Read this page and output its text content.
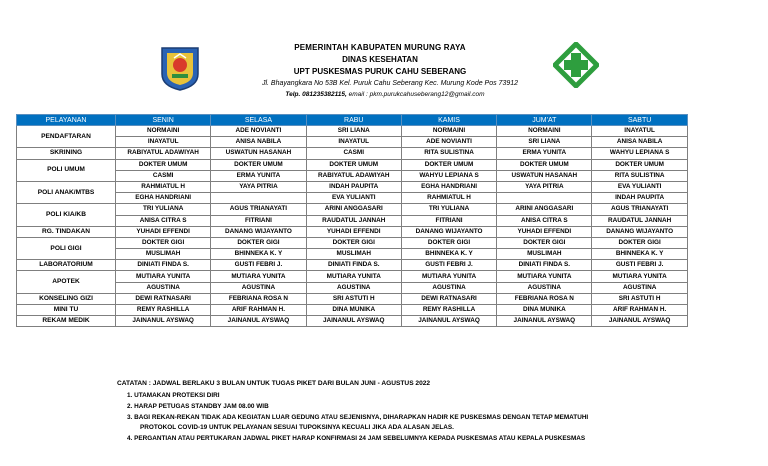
PEMERINTAH KABUPATEN MURUNG RAYA
DINAS KESEHATAN
UPT PUSKESMAS PURUK CAHU SEBERANG
Jl. Bhayangkara No 53B Kel. Puruk Cahu Seberang Kec. Murung Kode Pos 73912
Telp. 081235382115, email : pkm.purukcahuseberang12@gmail.com
PELAYANAN	SENIN	SELASA	RABU	KAMIS	JUM'AT	SABTU
PENDAFTARAN	NORMAINI	ADE NOVIANTI	SRI LIANA	NORMAINI	NORMAINI	INAYATUL
	INAYATUL	ANISA NABILA	INAYATUL	ADE NOVIANTI	SRI LIANA	ANISA NABILA
SKRINING	RABIYATUL ADAWIYAH	USWATUN HASANAH	CASMI	RITA SULISTINA	ERMA YUNITA	WAHYU LEPIANA S
POLI UMUM	DOKTER UMUM	DOKTER UMUM	DOKTER UMUM	DOKTER UMUM	DOKTER UMUM	DOKTER UMUM
	CASMI	ERMA YUNITA	RABIYATUL ADAWIYAH	WAHYU LEPIANA S	USWATUN HASANAH	RITA SULISTINA
POLI ANAK/MTBS	RAHMIATUL H	YAYA PITRIA	INDAH PAUPITA	EGHA HANDRIANI	YAYA PITRIA	EVA YULIANTI
	EGHA HANDRIANI		EVA YULIANTI	RAHMIATUL H		INDAH PAUPITA
POLI KIA/KB	TRI YULIANA	AGUS TRIANAYATI	ARINI ANGGASARI	TRI YULIANA	ARINI ANGGASARI	AGUS TRIANAYATI
	ANISA CITRA S	FITRIANI	RAUDATUL JANNAH	FITRIANI	ANISA CITRA S	RAUDATUL JANNAH
RG. TINDAKAN	YUHADI EFFENDI	DANANG WIJAYANTO	YUHADI EFFENDI	DANANG WIJAYANTO	YUHADI EFFENDI	DANANG WIJAYANTO
POLI GIGI	DOKTER GIGI	DOKTER GIGI	DOKTER GIGI	DOKTER GIGI	DOKTER GIGI	DOKTER GIGI
	MUSLIMAH	BHINNEKA K. Y	MUSLIMAH	BHINNEKA K. Y	MUSLIMAH	BHINNEKA K. Y
LABORATORIUM	DINIATI FINDA S.	GUSTI FEBRI J.	DINIATI FINDA S.	GUSTI FEBRI J.	DINIATI FINDA S.	GUSTI FEBRI J.
APOTEK	MUTIARA YUNITA	MUTIARA YUNITA	MUTIARA YUNITA	MUTIARA YUNITA	MUTIARA YUNITA	MUTIARA YUNITA
	AGUSTINA	AGUSTINA	AGUSTINA	AGUSTINA	AGUSTINA	AGUSTINA
KONSELING GIZI	DEWI RATNASARI	FEBRIANA ROSA N	SRI ASTUTI H	DEWI RATNASARI	FEBRIANA ROSA N	SRI ASTUTI H
MINI TU	REMY RASHILLA	ARIF RAHMAN H.	DINA MUNIKA	REMY RASHILLA	DINA MUNIKA	ARIF RAHMAN H.
REKAM MEDIK	JAINANUL AYSWAQ	JAINANUL AYSWAQ	JAINANUL AYSWAQ	JAINANUL AYSWAQ	JAINANUL AYSWAQ	JAINANUL AYSWAQ
CATATAN : JADWAL BERLAKU 3 BULAN UNTUK TUGAS PIKET DARI BULAN JUNI - AGUSTUS 2022
1. UTAMAKAN PROTEKSI DIRI
2. HARAP PETUGAS STANDBY JAM 08.00 WIB
3. BAGI REKAN-REKAN TIDAK ADA KEGIATAN LUAR GEDUNG ATAU SEJENISNYA, DIHARAPKAN HADIR KE PUSKESMAS DENGAN TETAP MEMATUHI
PROTOKOL COVID-19 UNTUK PELAYANAN SESUAI TUPOKSINYA KECUALI JIKA ADA ALASAN JELAS.
4. PERGANTIAN ATAU PERTUKARAN JADWAL PIKET HARAP KONFIRMASI 24 JAM SEBELUMNYA KEPADA PUSKESMAS ATAU KEPALA PUSKESMAS
